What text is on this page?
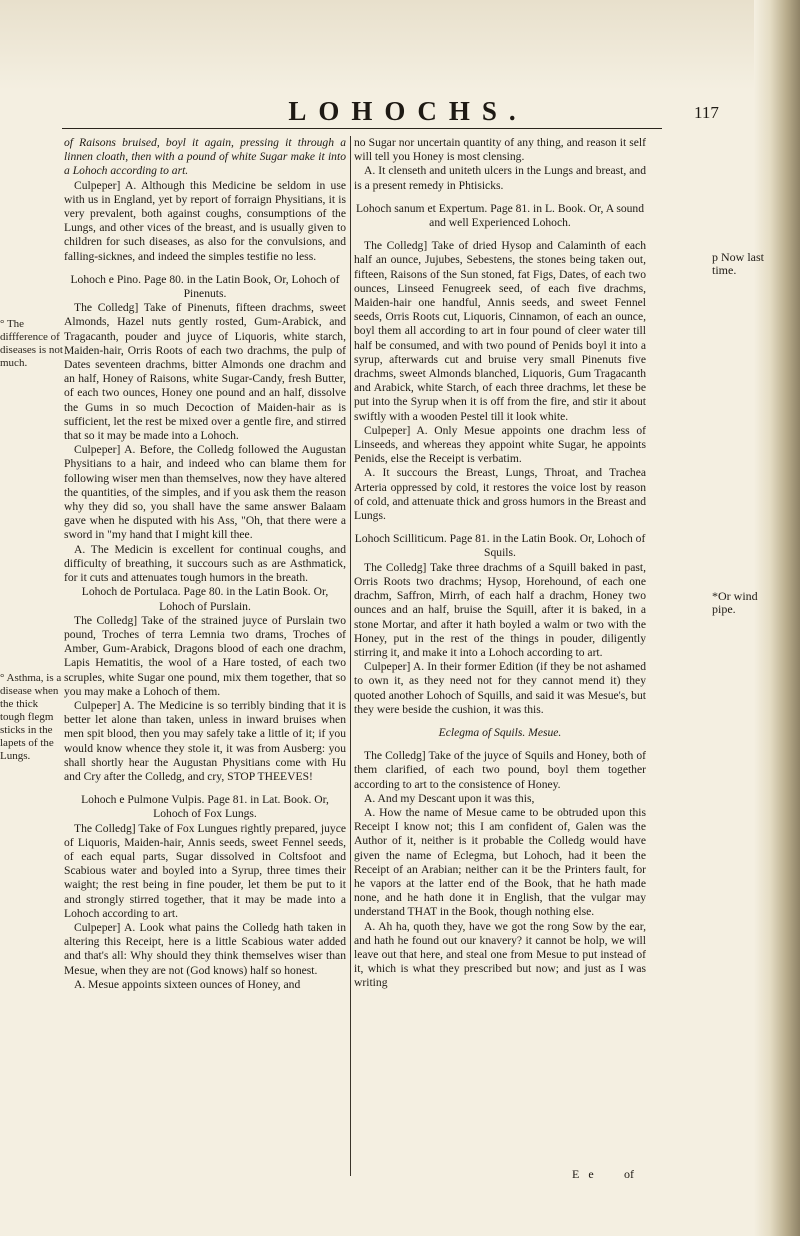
LOHOCHS.	117
° The diffference of diseases is not much.
° Asthma, is a disease when the thick tough flegm sticks in the lapets of the Lungs.

of Raisons bruised, boyl it again, pressing it through a linnen cloath, then with a pound of white Sugar make it into a Lohoch according to art.

Culpeper] A. Although this Medicine be seldom in use with us in England, yet by report of forraign Physitians, it is very prevalent, both against coughs, consumptions of the Lungs, and other vices of the breast, and is usually given to children for such diseases, as also for the convulsions, and falling-sicknes, and indeed the simples testifie no less.

Lohoch e Pino. Page 80. in the Latin Book, Or, Lohoch of Pinenuts.

The Colledg] Take of Pinenuts, fifteen drachms, sweet Almonds, Hazel nuts gently rosted, Gum-Arabick, and Tragacanth, pouder and juyce of Liquoris, white starch, Maiden-hair, Orris Roots of each two drachms, the pulp of Dates seventeen drachms, bitter Almonds one drachm and an half, Honey of Raisons, white Sugar-Candy, fresh Butter, of each two ounces, Honey one pound and an half, dissolve the Gums in so much Decoction of Maiden-hair as is sufficient, let the rest be mixed over a gentle fire, and stirred that so it may be made into a Lohoch.

Culpeper] A. Before, the Colledg followed the Augustan Physitians to a hair, and indeed who can blame them for following wiser men than themselves, now they have altered the quantities, of the simples, and if you ask them the reason why they did so, you shall have the same answer Balaam gave when he disputed with his Ass, "Oh, that there were a sword in "my hand that I might kill thee.

A. The Medicin is excellent for continual coughs, and difficulty of breathing, it succours such as are Asthmatick, for it cuts and attenuates tough humors in the breath.

Lohoch de Portulaca. Page 80. in the Latin Book. Or, Lohoch of Purslain.

The Colledg] Take of the strained juyce of Purslain two pound, Troches of terra Lemnia two drams, Troches of Amber, Gum-Arabick, Dragons blood of each one drachm, Lapis Hematitis, the wool of a Hare tosted, of each two scruples, white Sugar one pound, mix them together, that so you may make a Lohoch of them.

Culpeper] A. The Medicine is so terribly binding that it is better let alone than taken, unless in inward bruises when men spit blood, then you may safely take a little of it; if you would know whence they stole it, it was from Ausberg: you shall shortly hear the Augustan Physitians come with Hu and Cry after the Colledg, and cry, STOP THEEVES!

Lohoch e Pulmone Vulpis. Page 81. in Lat. Book. Or, Lohoch of Fox Lungs.

The Colledg] Take of Fox Lungues rightly prepared, juyce of Liquoris, Maiden-hair, Annis seeds, sweet Fennel seeds, of each equal parts, Sugar dissolved in Coltsfoot and Scabious water and boyled into a Syrup, three times their waight; the rest being in fine pouder, let them be put to it and strongly stirred together, that it may be made into a Lohoch according to art.

Culpeper] A. Look what pains the Colledg hath taken in altering this Receipt, here is a little Scabious water added and that's all: Why should they think themselves wiser than Mesue, when they are not (God knows) half so honest.

A. Mesue appoints sixteen ounces of Honey, and

no Sugar nor uncertain quantity of any thing, and reason it self will tell you Honey is most clensing.

A. It clenseth and uniteth ulcers in the Lungs and breast, and is a present remedy in Phtisicks.

Lohoch sanum et Expertum. Page 81. in L. Book. Or, A sound and well Experienced Lohoch.

The Colledg] Take of dried Hysop and Calaminth of each half an ounce, Jujubes, Sebestens, the stones being taken out, fifteen, Raisons of the Sun stoned, fat Figs, Dates, of each two ounces, Linseed Fenugreek seed, of each five drachms, Maiden-hair one handful, Annis seeds, and sweet Fennel seeds, Orris Roots cut, Liquoris, Cinnamon, of each an ounce, boyl them all according to art in four pound of cleer water till half be consumed, and with two pound of Penids boyl it into a syrup, afterwards cut and bruise very small Pinenuts five drachms, sweet Almonds blanched, Liquoris, Gum Tragacanth and Arabick, white Starch, of each three drachms, let these be put into the Syrup when it is off from the fire, and stir it about swiftly with a wooden Pestel till it look white.

Culpeper] A. Only Mesue appoints one drachm less of Linseeds, and whereas they appoint white Sugar, he appoints Penids, else the Receipt is verbatim.

A. It succours the Breast, Lungs, Throat, and Trachea Arteria oppressed by cold, it restores the voice lost by reason of cold, and attenuate thick and gross humors in the Breast and Lungs.

Lohoch Scilliticum. Page 81. in the Latin Book. Or, Lohoch of Squils.

The Colledg] Take three drachms of a Squill baked in past, Orris Roots two drachms; Hysop, Horehound, of each one drachm, Saffron, Mirrh, of each half a drachm, Honey two ounces and an half, bruise the Squill, after it is baked, in a stone Mortar, and after it hath boyled a walm or two with the Honey, put in the rest of the things in pouder, diligently stirring it, and make it into a Lohoch according to art.

Culpeper] A. In their former Edition (if they be not ashamed to own it, as they need not for they cannot mend it) they quoted another Lohoch of Squills, and said it was Mesue's, but they were beside the cushion, it was this.

Eclegma of Squils. Mesue.

The Colledg] Take of the juyce of Squils and Honey, both of them clarified, of each two pound, boyl them together according to art to the consistence of Honey.

A. And my Descant upon it was this,

A. How the name of Mesue came to be obtruded upon this Receipt I know not; this I am confident of, Galen was the Author of it, neither is it probable the Colledg would have given the name of Eclegma, but Lohoch, had it been the Receipt of an Arabian; neither can it be the Printers fault, for he vapors at the latter end of the Book, that he hath made none, and he hath done it in English, that the vulgar may understand THAT in the Book, though nothing else.

A. Ah ha, quoth they, have we got the rong Sow by the ear, and hath he found out our knavery? it cannot be holp, we will leave out that here, and steal one from Mesue to put instead of it, which is what they prescribed but now; and just as I was writing

p Now last time.
*Or wind pipe.
E e of
